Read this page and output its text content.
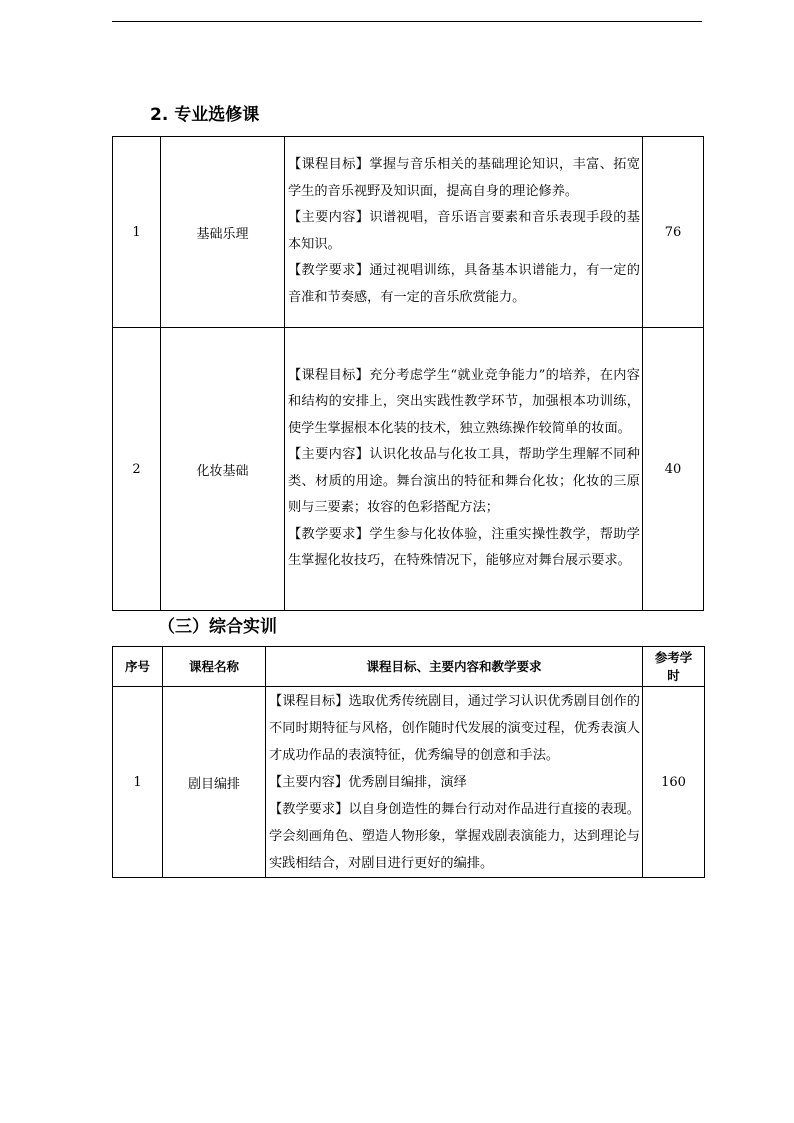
2. 专业选修课
1	基础乐理	【课程目标】掌握与音乐相关的基础理论知识，丰富、拓宽学生的音乐视野及知识面，提高自身的理论修养。

【主要内容】识谱视唱，音乐语言要素和音乐表现手段的基本知识。

【教学要求】通过视唱训练，具备基本识谱能力，有一定的音准和节奏感，有一定的音乐欣赏能力。	76
2	化妆基础	【课程目标】充分考虑学生“就业竞争能力”的培养，在内容和结构的安排上，突出实践性教学环节，加强根本功训练，使学生掌握根本化装的技术，独立熟练操作较简单的妆面。

【主要内容】认识化妆品与化妆工具，帮助学生理解不同种类、材质的用途。舞台演出的特征和舞台化妆；化妆的三原则与三要素；妆容的色彩搭配方法；

【教学要求】学生参与化妆体验，注重实操性教学，帮助学生掌握化妆技巧，在特殊情况下，能够应对舞台展示要求。	40
（三）综合实训
序号	课程名称	课程目标、主要内容和教学要求	参考学时
1	剧目编排	【课程目标】选取优秀传统剧目，通过学习认识优秀剧目创作的不同时期特征与风格，创作随时代发展的演变过程，优秀表演人才成功作品的表演特征，优秀编导的创意和手法。

【主要内容】优秀剧目编排，演绎

【教学要求】以自身创造性的舞台行动对作品进行直接的表现。学会刻画角色、塑造人物形象，掌握戏剧表演能力，达到理论与实践相结合，对剧目进行更好的编排。	160
